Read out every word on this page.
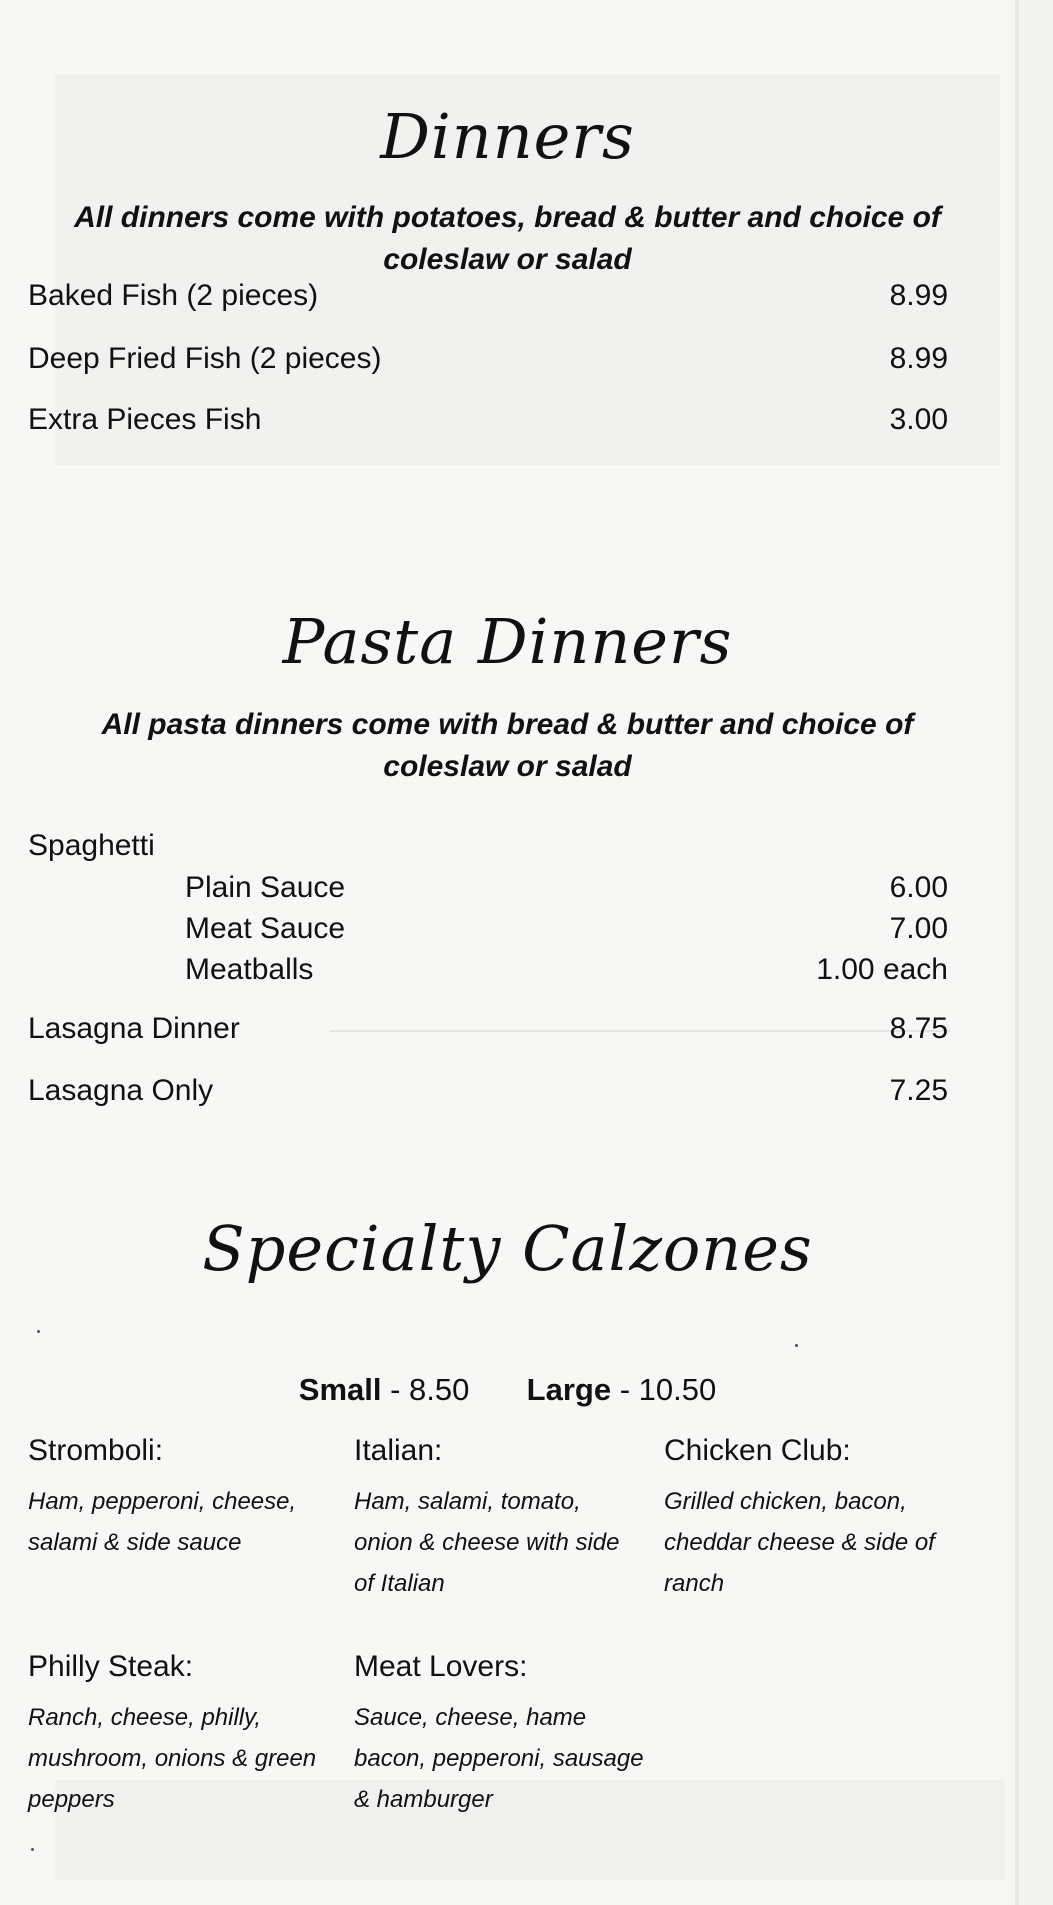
Dinners
All dinners come with potatoes, bread & butter and choice of coleslaw or salad
Baked Fish (2 pieces)	8.99
Deep Fried Fish (2 pieces)	8.99
Extra Pieces Fish	3.00
Pasta Dinners
All pasta dinners come with bread & butter and choice of coleslaw or salad
Spaghetti
Plain Sauce	6.00
Meat Sauce	7.00
Meatballs	1.00 each
Lasagna Dinner	8.75
Lasagna Only	7.25
Specialty Calzones
Small - 8.50 Large - 10.50
Stromboli:
Ham, pepperoni, cheese, salami & side sauce
Italian:
Ham, salami, tomato, onion & cheese with side of Italian
Chicken Club:
Grilled chicken, bacon, cheddar cheese & side of ranch
Philly Steak:
Ranch, cheese, philly, mushroom, onions & green peppers
Meat Lovers:
Sauce, cheese, hame bacon, pepperoni, sausage & hamburger
